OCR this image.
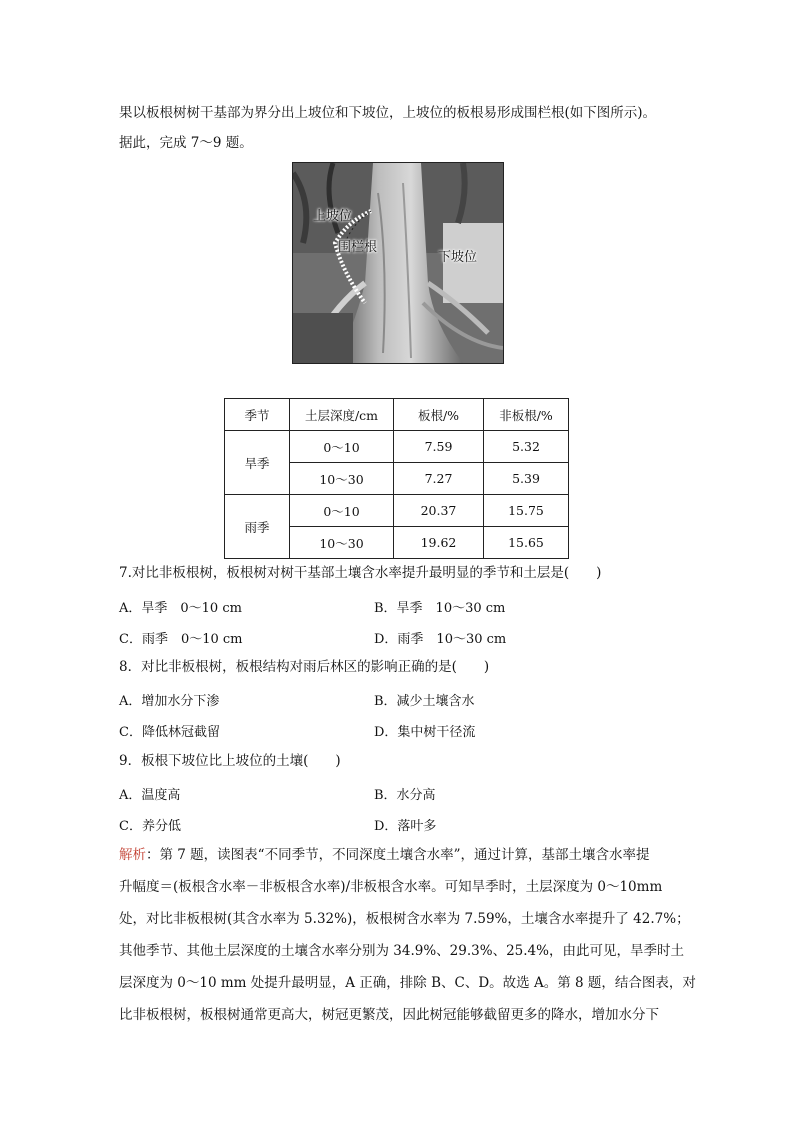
果以板根树树干基部为界分出上坡位和下坡位，上坡位的板根易形成围栏根(如下图所示)。
据此，完成 7～9 题。
上坡位
围栏根
下坡位
季节	土层深度/cm	板根/%	非板根/%
旱季	0～10	7.59	5.32
	10～30	7.27	5.39
雨季	0～10	20.37	15.75
	10～30	19.62	15.65
7.对比非板根树，板根树对树干基部土壤含水率提升最明显的季节和土层是(　　)
A．旱季　0～10 cm	B．旱季　10～30 cm
C．雨季　0～10 cm	D．雨季　10～30 cm
8．对比非板根树，板根结构对雨后林区的影响正确的是(　　)
A．增加水分下渗	B．减少土壤含水
C．降低林冠截留	D．集中树干径流
9．板根下坡位比上坡位的土壤(　　)
A．温度高	B．水分高
C．养分低	D．落叶多
解析：第 7 题，读图表“不同季节，不同深度土壤含水率”，通过计算，基部土壤含水率提
升幅度＝(板根含水率－非板根含水率)/非板根含水率。可知旱季时，土层深度为 0～10mm
处，对比非板根树(其含水率为 5.32%)，板根树含水率为 7.59%，土壤含水率提升了 42.7%；
其他季节、其他土层深度的土壤含水率分别为 34.9%、29.3%、25.4%，由此可见，旱季时土
层深度为 0～10 mm 处提升最明显，A 正确，排除 B、C、D。故选 A。第 8 题，结合图表，对
比非板根树，板根树通常更高大，树冠更繁茂，因此树冠能够截留更多的降水，增加水分下
